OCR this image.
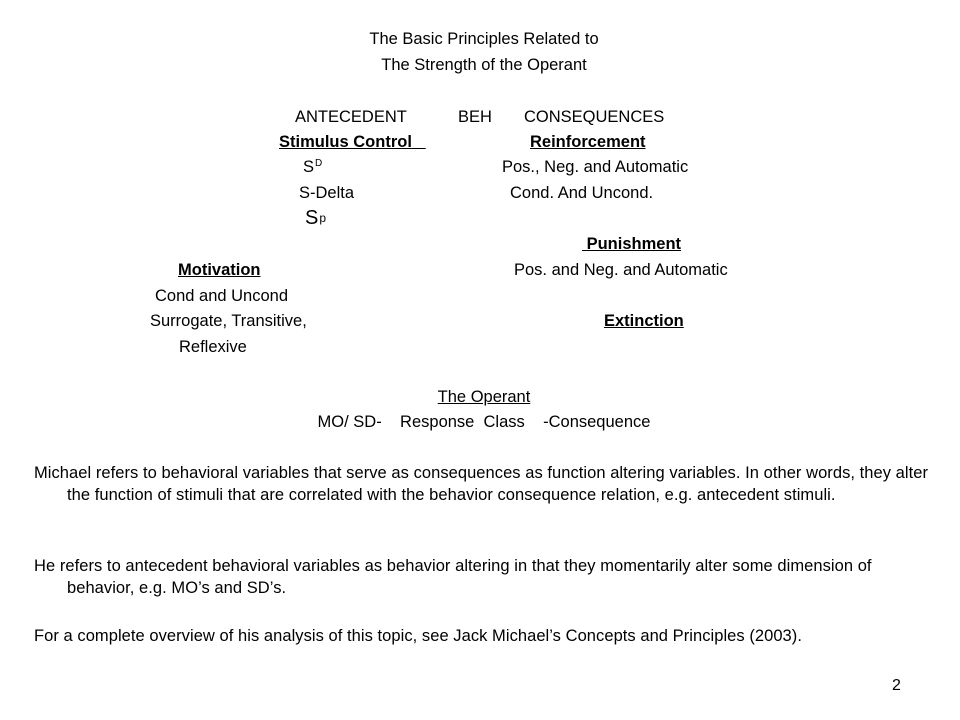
The Basic Principles Related to
The Strength of the Operant
ANTECEDENT	BEH CONSEQUENCES
Stimulus Control
$S^D$
S-Delta
Sp
Reinforcement
Pos., Neg. and Automatic
Cond. And Uncond.
Punishment
Pos. and Neg. and Automatic
Motivation
Cond and Uncond
Surrogate, Transitive,
Reflexive
Extinction
The Operant
MO/ SD-    Response  Class    -Consequence
Michael refers to behavioral variables that serve as consequences as function altering variables. In other words, they alter the function of stimuli that are correlated with the behavior consequence relation, e.g. antecedent stimuli.
He refers to antecedent behavioral variables as behavior altering in that they momentarily alter some dimension of behavior, e.g. MO’s and SD’s.
For a complete overview of his analysis of this topic, see Jack Michael’s Concepts and Principles (2003).
2
